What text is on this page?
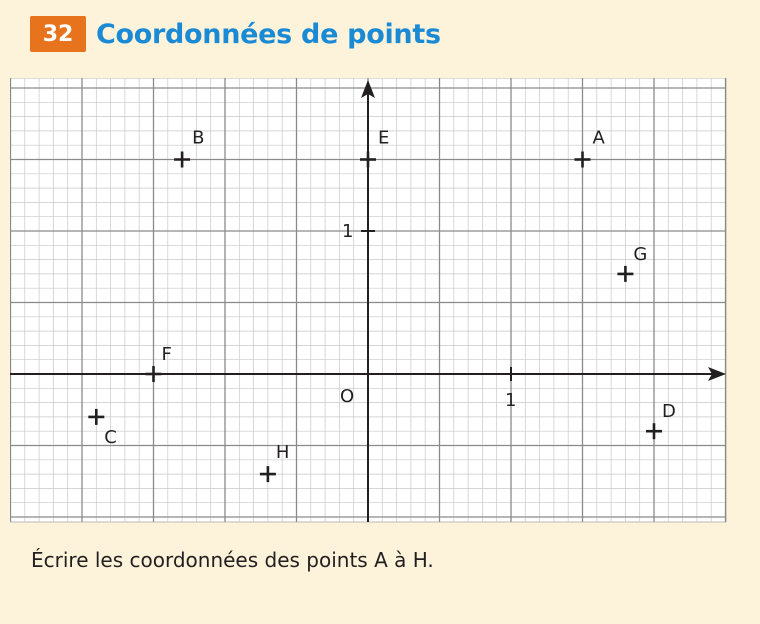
32 Coordonnées de points
A
B
C
D
E
F
G
H
O	1
1
Écrire les coordonnées des points A à H.
